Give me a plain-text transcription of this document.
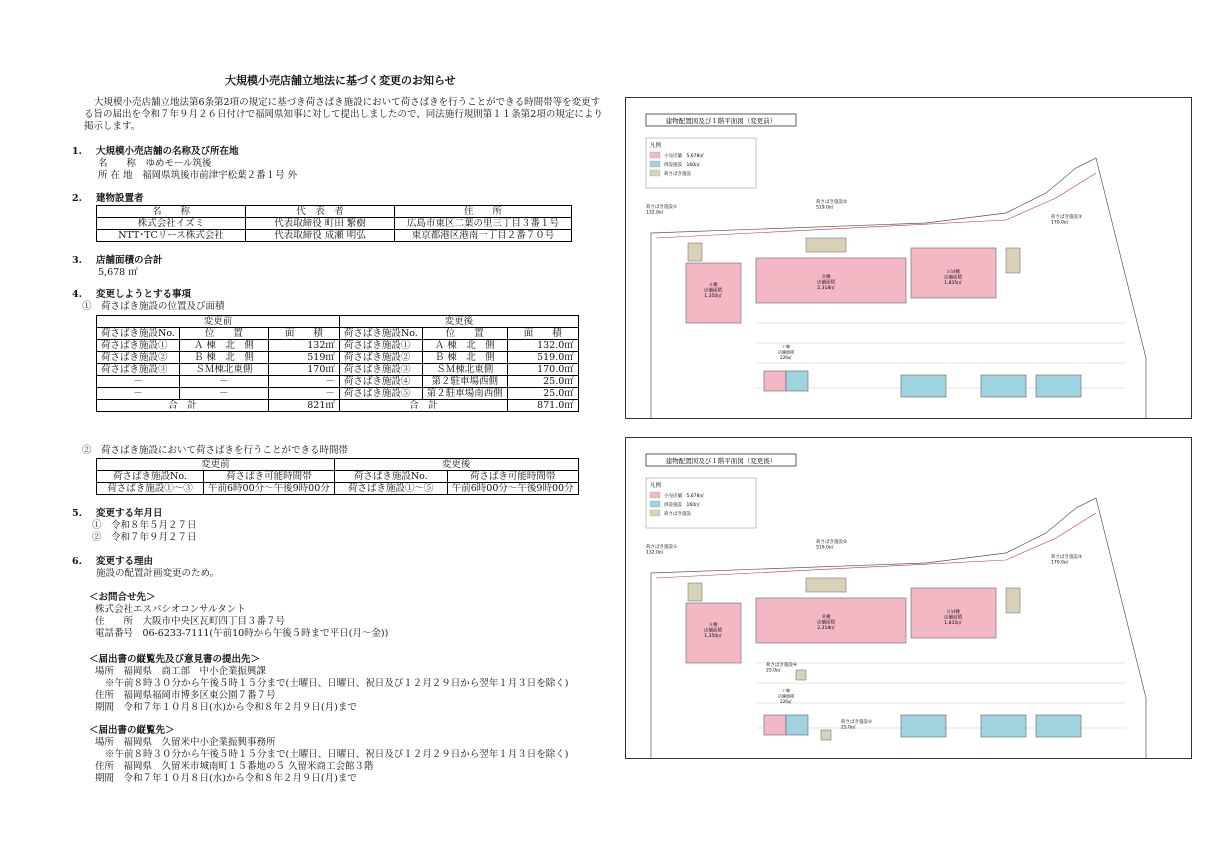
大規模小売店舗立地法に基づく変更のお知らせ
大規模小売店舗立地法第6条第2項の規定に基づき荷さばき施設において荷さばきを行うことができる時間帯等を変更する旨の届出を令和７年９月２６日付けで福岡県知事に対して提出しましたので、同法施行規則第１１条第2項の規定により掲示します。
1. 大規模小売店舗の名称及び所在地
名　　称　 ゆめモール筑後
所 在 地　 福岡県筑後市前津宇松葉２番１号 外
2. 建物設置者
名　　称	代　表　者	住　　所
株式会社イズミ	代表取締役 町田 繁樹	広島市東区二葉の里三丁目３番１号
NTT･TCリース株式会社	代表取締役 成瀬 明弘	東京都港区港南一丁目２番７０号
3. 店舗面積の合計
5,678 ㎡
4. 変更しようとする事項
①　荷さばき施設の位置及び面積
変更前			変更後		
荷さばき施設No.	位　　置	面　　積	荷さばき施設No.	位　　置	面　　積
荷さばき施設①	Ａ 棟　北　側	132㎡	荷さばき施設①	Ａ 棟　北　側	132.0㎡
荷さばき施設②	Ｂ 棟　北　側	519㎡	荷さばき施設②	Ｂ 棟　北　側	519.0㎡
荷さばき施設③	ＳＭ棟北東側	170㎡	荷さばき施設③	ＳＭ棟北東側	170.0㎡
－	－	－	荷さばき施設④	第２駐車場西側	25.0㎡
－	－	－	荷さばき施設⑤	第２駐車場南西側	25.0㎡
合　計		821㎡	合　計		871.0㎡
②　荷さばき施設において荷さばきを行うことができる時間帯
変更前		変更後	
荷さばき施設No.	荷さばき可能時間帯	荷さばき施設No.	荷さばき可能時間帯
荷さばき施設①～③	午前6時00分～午後9時00分	荷さばき施設①～⑤	午前6時00分～午後9時00分
5. 変更する年月日
①　令和８年５月２７日
②　令和７年９月２７日
6. 変更する理由
施設の配置計画変更のため。
＜お問合せ先＞
株式会社エスパシオコンサルタント
住　　所　大阪市中央区瓦町四丁目３番７号
電話番号　06-6233-7111(午前10時から午後５時まで平日(月～金))
＜届出書の縦覧先及び意見書の提出先＞
場所　福岡県　商工部　中小企業振興課
※午前８時３０分から午後５時１５分まで(土曜日、日曜日、祝日及び１２月２９日から翌年１月３日を除く)
住所　福岡県福岡市博多区東公園７番７号
期間　令和７年１０月８日(水)から令和８年２月９日(月)まで
＜届出書の縦覧先＞
場所　福岡県　久留米中小企業振興事務所
※午前８時３０分から午後５時１５分まで(土曜日、日曜日、祝日及び１２月２９日から翌年１月３日を除く)
住所　福岡県　久留米市城南町１５番地の５ 久留米商工会館３階
期間　令和７年１０月８日(水)から令和８年２月９日(月)まで
建物配置図及び１階平面図（変更前）
凡例
小売店舗　5,678㎡
併設施設　160㎡
荷さばき施設
Ａ棟店舗面積 1,350㎡
Ｂ棟店舗面積 2,318㎡
ＳＭ棟店舗面積 1,835㎡
Ｃ棟店舗面積 226㎡
荷さばき施設① 132.0㎡
荷さばき施設② 519.0㎡
荷さばき施設③ 170.0㎡
建物配置図及び１階平面図（変更後）
凡例
小売店舗　5,678㎡
併設施設　160㎡
荷さばき施設
Ａ棟店舗面積 1,350㎡
Ｂ棟店舗面積 2,318㎡
ＳＭ棟店舗面積 1,835㎡
Ｃ棟店舗面積 226㎡
荷さばき施設① 132.0㎡
荷さばき施設② 519.0㎡
荷さばき施設③ 170.0㎡
荷さばき施設④ 25.0㎡
荷さばき施設⑤ 25.0㎡
